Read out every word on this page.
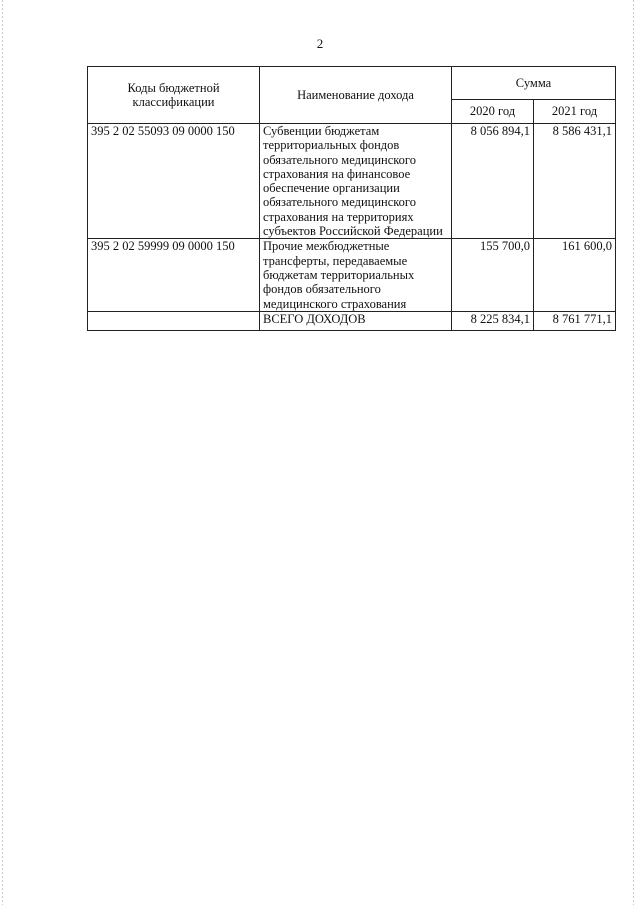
2
Коды бюджетной классификации	Наименование дохода	Сумма	
		2020 год	2021 год
395 2 02 55093 09 0000 150	Субвенции бюджетам территориальных фондов обязательного медицинского страхования на финансовое обеспечение организации обязательного медицинского страхования на территориях субъектов Российской Федерации	8 056 894,1	8 586 431,1
395 2 02 59999 09 0000 150	Прочие межбюджетные трансферты, передаваемые бюджетам территориальных фондов обязательного медицинского страхования	155 700,0	161 600,0
	ВСЕГО ДОХОДОВ	8 225 834,1	8 761 771,1
